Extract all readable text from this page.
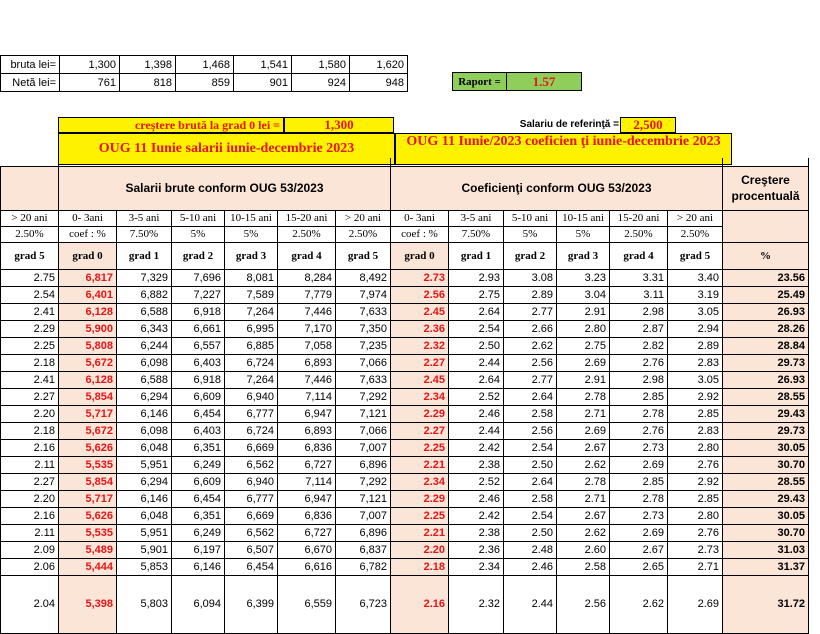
bruta lei=	1,300	1,398	1,468	1,541	1,580	1,620
Netă lei=	761	818	859	901	924	948	Raport =	1.57
creştere brută la grad 0 lei =	1,300	Salariu de referinţă =	2,500
OUG 11 Iunie salarii iunie-decembrie 2023	OUG 11 Iunie/2023 coeficien ţi iunie-decembrie 2023

	Salarii brute conform OUG 53/2023						Coeficienţi conform OUG 53/2023						Creştere procentuală
> 20 ani	0- 3ani	3-5 ani	5-10 ani	10-15 ani	15-20 ani	> 20 ani	0- 3ani	3-5 ani	5-10 ani	10-15 ani	15-20 ani	> 20 ani	
2.50%	coef : %	7.50%	5%	5%	2.50%	2.50%	coef : %	7.50%	5%	5%	2.50%	2.50%	
grad 5	grad 0	grad 1	grad 2	grad 3	grad 4	grad 5	grad 0	grad 1	grad 2	grad 3	grad 4	grad 5	%
2.75	6,817	7,329	7,696	8,081	8,284	8,492	2.73	2.93	3.08	3.23	3.31	3.40	23.56
2.54	6,401	6,882	7,227	7,589	7,779	7,974	2.56	2.75	2.89	3.04	3.11	3.19	25.49
2.41	6,128	6,588	6,918	7,264	7,446	7,633	2.45	2.64	2.77	2.91	2.98	3.05	26.93
2.29	5,900	6,343	6,661	6,995	7,170	7,350	2.36	2.54	2.66	2.80	2.87	2.94	28.26
2.25	5,808	6,244	6,557	6,885	7,058	7,235	2.32	2.50	2.62	2.75	2.82	2.89	28.84
2.18	5,672	6,098	6,403	6,724	6,893	7,066	2.27	2.44	2.56	2.69	2.76	2.83	29.73
2.41	6,128	6,588	6,918	7,264	7,446	7,633	2.45	2.64	2.77	2.91	2.98	3.05	26.93
2.27	5,854	6,294	6,609	6,940	7,114	7,292	2.34	2.52	2.64	2.78	2.85	2.92	28.55
2.20	5,717	6,146	6,454	6,777	6,947	7,121	2.29	2.46	2.58	2.71	2.78	2.85	29.43
2.18	5,672	6,098	6,403	6,724	6,893	7,066	2.27	2.44	2.56	2.69	2.76	2.83	29.73
2.16	5,626	6,048	6,351	6,669	6,836	7,007	2.25	2.42	2.54	2.67	2.73	2.80	30.05
2.11	5,535	5,951	6,249	6,562	6,727	6,896	2.21	2.38	2.50	2.62	2.69	2.76	30.70
2.27	5,854	6,294	6,609	6,940	7,114	7,292	2.34	2.52	2.64	2.78	2.85	2.92	28.55
2.20	5,717	6,146	6,454	6,777	6,947	7,121	2.29	2.46	2.58	2.71	2.78	2.85	29.43
2.16	5,626	6,048	6,351	6,669	6,836	7,007	2.25	2.42	2.54	2.67	2.73	2.80	30.05
2.11	5,535	5,951	6,249	6,562	6,727	6,896	2.21	2.38	2.50	2.62	2.69	2.76	30.70
2.09	5,489	5,901	6,197	6,507	6,670	6,837	2.20	2.36	2.48	2.60	2.67	2.73	31.03
2.06	5,444	5,853	6,146	6,454	6,616	6,782	2.18	2.34	2.46	2.58	2.65	2.71	31.37
2.04	5,398	5,803	6,094	6,399	6,559	6,723	2.16	2.32	2.44	2.56	2.62	2.69	31.72
